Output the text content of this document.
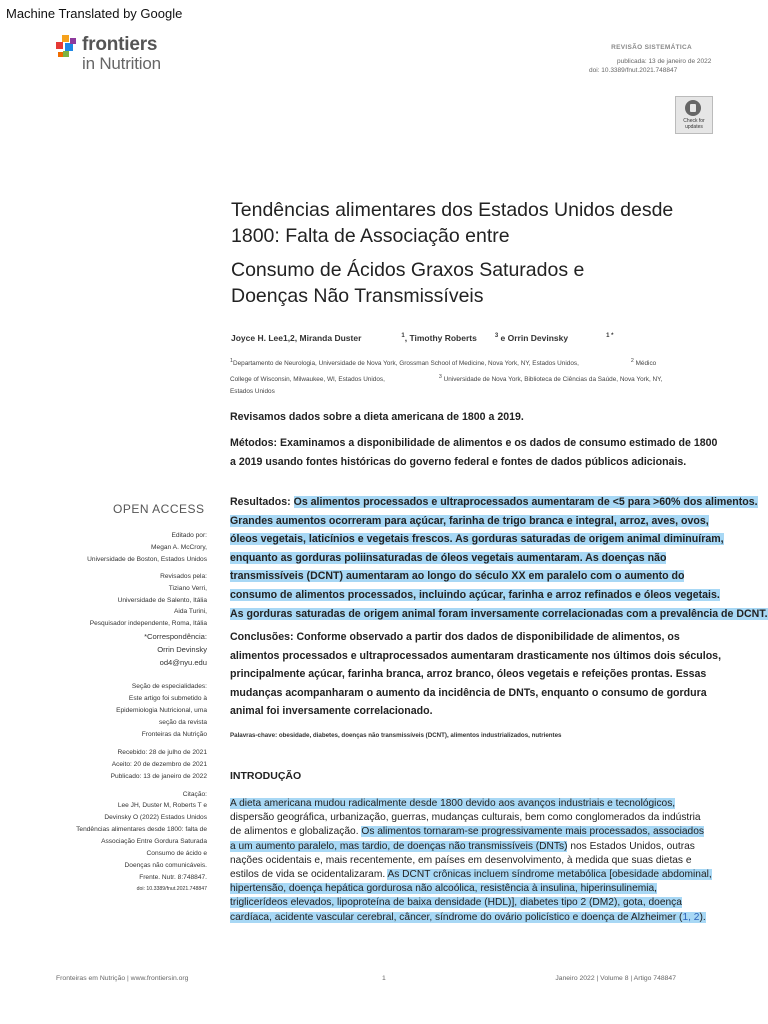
Machine Translated by Google
frontiers
in Nutrition
REVISÃO SISTEMÁTICA
publicada: 13 de janeiro de 2022
doi: 10.3389/fnut.2021.748847
Check for updates
Tendências alimentares dos Estados Unidos desde
1800: Falta de Associação entre
Consumo de Ácidos Graxos Saturados e
Doenças Não Transmissíveis
Joyce H. Lee1,2, Miranda Duster	$^1$, Timothy Roberts	$^3$ e Orrin Devinsky	$^{1 *}$
$^1$Departamento de Neurologia, Universidade de Nova York, Grossman School of Medicine, Nova York, NY, Estados Unidos,	$^2$ Médico
College of Wisconsin, Milwaukee, WI, Estados Unidos,	$^3$ Universidade de Nova York, Biblioteca de Ciências da Saúde, Nova York, NY,
Estados Unidos
Revisamos dados sobre a dieta americana de 1800 a 2019.
Métodos: Examinamos a disponibilidade de alimentos e os dados de consumo estimado de 1800
a 2019 usando fontes históricas do governo federal e fontes de dados públicos adicionais.
Resultados: Os alimentos processados e ultraprocessados aumentaram de <5 para >60% dos alimentos.
Grandes aumentos ocorreram para açúcar, farinha de trigo branca e integral, arroz, aves, ovos,
óleos vegetais, laticínios e vegetais frescos. As gorduras saturadas de origem animal diminuíram,
enquanto as gorduras poliinsaturadas de óleos vegetais aumentaram. As doenças não
transmissíveis (DCNT) aumentaram ao longo do século XX em paralelo com o aumento do
consumo de alimentos processados, incluindo açúcar, farinha e arroz refinados e óleos vegetais.
As gorduras saturadas de origem animal foram inversamente correlacionadas com a prevalência de DCNT.
Conclusões: Conforme observado a partir dos dados de disponibilidade de alimentos, os
alimentos processados e ultraprocessados aumentaram drasticamente nos últimos dois séculos,
principalmente açúcar, farinha branca, arroz branco, óleos vegetais e refeições prontas. Essas
mudanças acompanharam o aumento da incidência de DNTs, enquanto o consumo de gordura
animal foi inversamente correlacionado.
Palavras-chave: obesidade, diabetes, doenças não transmissíveis (DCNT), alimentos industrializados, nutrientes
INTRODUÇÃO
A dieta americana mudou radicalmente desde 1800 devido aos avanços industriais e tecnológicos,
dispersão geográfica, urbanização, guerras, mudanças culturais, bem como conglomerados da indústria
de alimentos e globalização. Os alimentos tornaram-se progressivamente mais processados, associados
a um aumento paralelo, mas tardio, de doenças não transmissíveis (DNTs) nos Estados Unidos, outras
nações ocidentais e, mais recentemente, em países em desenvolvimento, à medida que suas dietas e
estilos de vida se ocidentalizaram. As DCNT crônicas incluem síndrome metabólica [obesidade abdominal,
hipertensão, doença hepática gordurosa não alcoólica, resistência à insulina, hiperinsulinemia,
triglicerídeos elevados, lipoproteína de baixa densidade (HDL)], diabetes tipo 2 (DM2), gota, doença
cardíaca, acidente vascular cerebral, câncer, síndrome do ovário policístico e doença de Alzheimer (1, 2).
OPEN ACCESS
Editado por:
Megan A. McCrory,
Universidade de Boston, Estados Unidos
Revisados pela:
Tiziano Verri,
Universidade de Salento, Itália
Aida Turini,
Pesquisador independente, Roma, Itália
*Correspondência:
Orrin Devinsky
od4@nyu.edu
Seção de especialidades:
Este artigo foi submetido à
Epidemiologia Nutricional, uma
seção da revista
Fronteiras da Nutrição
Recebido: 28 de julho de 2021
Aceito: 20 de dezembro de 2021
Publicado: 13 de janeiro de 2022
Citação:
Lee JH, Duster M, Roberts T e
Devinsky O (2022) Estados Unidos
Tendências alimentares desde 1800: falta de
Associação Entre Gordura Saturada
Consumo de ácido e
Doenças não comunicáveis.
Frente. Nutr. 8:748847.
doi: 10.3389/fnut.2021.748847
Fronteiras em Nutrição | www.frontiersin.org	1	Janeiro 2022 | Volume 8 | Artigo 748847
